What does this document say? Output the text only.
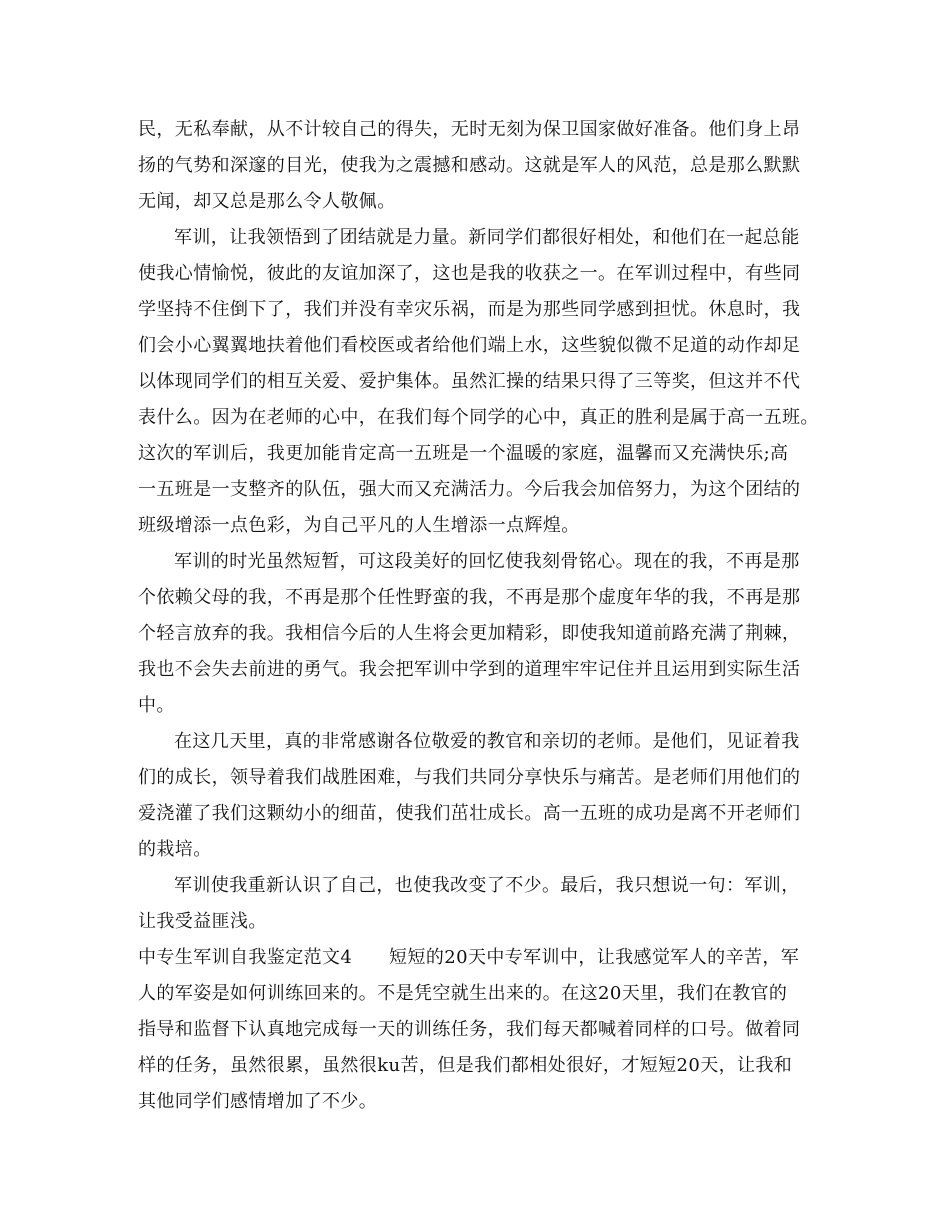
民，无私奉献，从不计较自己的得失，无时无刻为保卫国家做好准备。他们身上昂
扬的气势和深邃的目光，使我为之震撼和感动。这就是军人的风范，总是那么默默
无闻，却又总是那么令人敬佩。
军训，让我领悟到了团结就是力量。新同学们都很好相处，和他们在一起总能
使我心情愉悦，彼此的友谊加深了，这也是我的收获之一。在军训过程中，有些同
学坚持不住倒下了，我们并没有幸灾乐祸，而是为那些同学感到担忧。休息时，我
们会小心翼翼地扶着他们看校医或者给他们端上水，这些貌似微不足道的动作却足
以体现同学们的相互关爱、爱护集体。虽然汇操的结果只得了三等奖，但这并不代
表什么。因为在老师的心中，在我们每个同学的心中，真正的胜利是属于高一五班。
这次的军训后，我更加能肯定高一五班是一个温暖的家庭，温馨而又充满快乐;高
一五班是一支整齐的队伍，强大而又充满活力。今后我会加倍努力，为这个团结的
班级增添一点色彩，为自己平凡的人生增添一点辉煌。
军训的时光虽然短暂，可这段美好的回忆使我刻骨铭心。现在的我，不再是那
个依赖父母的我，不再是那个任性野蛮的我，不再是那个虚度年华的我，不再是那
个轻言放弃的我。我相信今后的人生将会更加精彩，即使我知道前路充满了荆棘，
我也不会失去前进的勇气。我会把军训中学到的道理牢牢记住并且运用到实际生活
中。
在这几天里，真的非常感谢各位敬爱的教官和亲切的老师。是他们，见证着我
们的成长，领导着我们战胜困难，与我们共同分享快乐与痛苦。是老师们用他们的
爱浇灌了我们这颗幼小的细苗，使我们茁壮成长。高一五班的成功是离不开老师们
的栽培。
军训使我重新认识了自己，也使我改变了不少。最后，我只想说一句：军训，
让我受益匪浅。
中专生军训自我鉴定范文4　　短短的20天中专军训中，让我感觉军人的辛苦，军
人的军姿是如何训练回来的。不是凭空就生出来的。在这20天里，我们在教官的
指导和监督下认真地完成每一天的训练任务，我们每天都喊着同样的口号。做着同
样的任务，虽然很累，虽然很ku苦，但是我们都相处很好，才短短20天，让我和
其他同学们感情增加了不少。
